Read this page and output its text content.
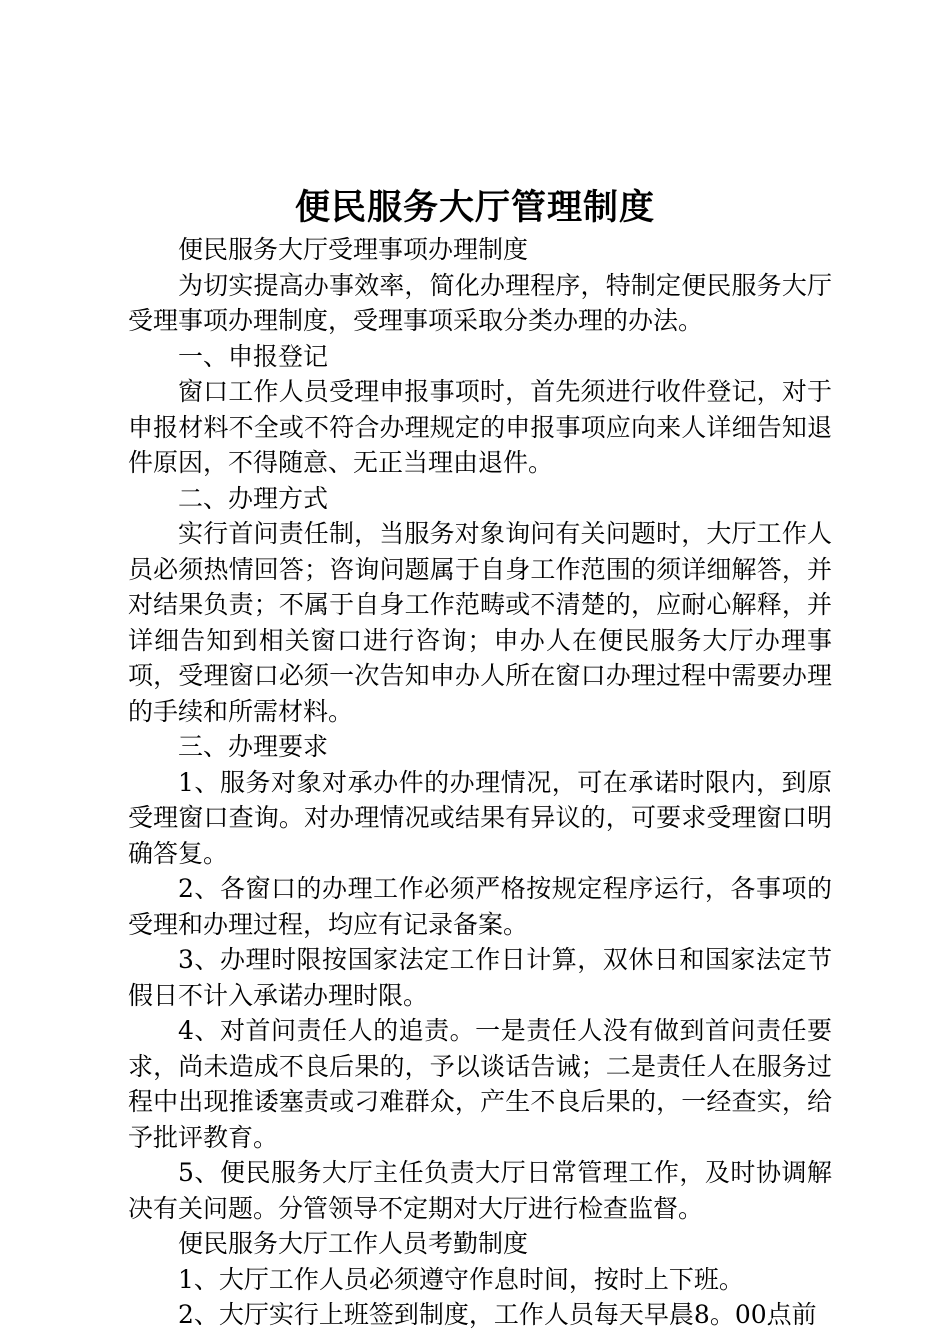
便民服务大厅管理制度

便民服务大厅受理事项办理制度

为切实提高办事效率，简化办理程序，特制定便民服务大厅受理事项办理制度，受理事项采取分类办理的办法。

一、申报登记

窗口工作人员受理申报事项时，首先须进行收件登记，对于申报材料不全或不符合办理规定的申报事项应向来人详细告知退件原因，不得随意、无正当理由退件。

二、办理方式

实行首问责任制，当服务对象询问有关问题时，大厅工作人员必须热情回答；咨询问题属于自身工作范围的须详细解答，并对结果负责；不属于自身工作范畴或不清楚的，应耐心解释，并详细告知到相关窗口进行咨询；申办人在便民服务大厅办理事项，受理窗口必须一次告知申办人所在窗口办理过程中需要办理的手续和所需材料。

三、办理要求

1、服务对象对承办件的办理情况，可在承诺时限内，到原受理窗口查询。对办理情况或结果有异议的，可要求受理窗口明确答复。

2、各窗口的办理工作必须严格按规定程序运行，各事项的受理和办理过程，均应有记录备案。

3、办理时限按国家法定工作日计算，双休日和国家法定节假日不计入承诺办理时限。

4、对首问责任人的追责。一是责任人没有做到首问责任要求，尚未造成不良后果的，予以谈话告诫；二是责任人在服务过程中出现推诿塞责或刁难群众，产生不良后果的，一经查实，给予批评教育。

5、便民服务大厅主任负责大厅日常管理工作，及时协调解决有关问题。分管领导不定期对大厅进行检查监督。

便民服务大厅工作人员考勤制度

1、大厅工作人员必须遵守作息时间，按时上下班。

2、大厅实行上班签到制度，工作人员每天早晨8。00点前
